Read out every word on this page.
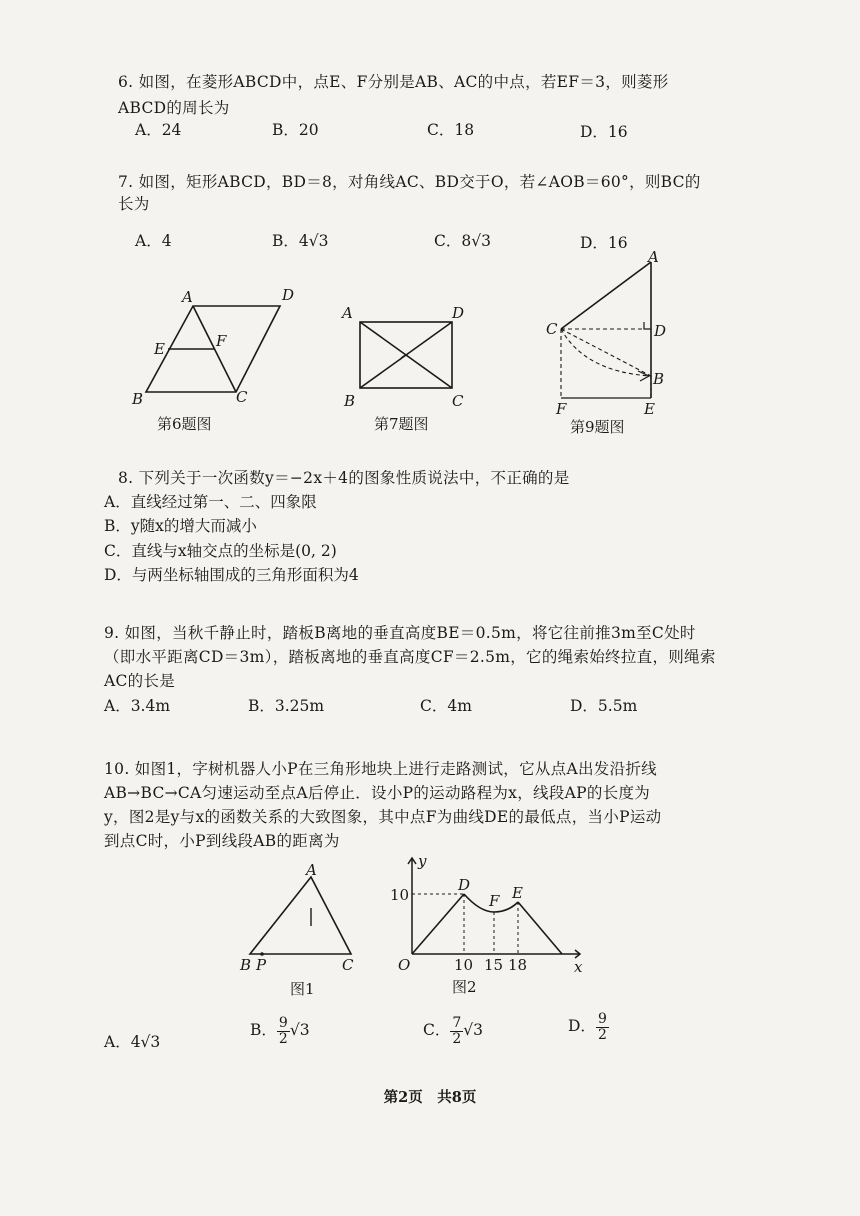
6. 如图，在菱形ABCD中，点E、F分别是AB、AC的中点，若EF＝3，则菱形
ABCD的周长为
A．24	B．20	C．18	D．16
7. 如图，矩形ABCD，BD＝8，对角线AC、BD交于O，若∠AOB＝60°，则BC的
长为
A．4	B．4√3	C．8√3	D．16
A	D
E	F
B	C
第6题图
A	D
B	C
第7题图
A
C	D
B
F	E
第9题图
8. 下列关于一次函数y＝−2x＋4的图象性质说法中，不正确的是
A．直线经过第一、二、四象限
B．y随x的增大而减小
C．直线与x轴交点的坐标是(0, 2)
D．与两坐标轴围成的三角形面积为4
9. 如图，当秋千静止时，踏板B离地的垂直高度BE＝0.5m，将它往前推3m至C处时
（即水平距离CD＝3m），踏板离地的垂直高度CF＝2.5m，它的绳索始终拉直，则绳索
AC的长是
A．3.4m	B．3.25m	C．4m	D．5.5m
10. 如图1，字树机器人小P在三角形地块上进行走路测试，它从点A出发沿折线
AB→BC→CA匀速运动至点A后停止．设小P的运动路程为x，线段AP的长度为
y，图2是y与x的函数关系的大致图象，其中点F为曲线DE的最低点，当小P运动
到点C时，小P到线段AB的距离为
A
B P	C
图1
y
x
O
10
10 15 18
D
F E
图2
A．4√3
B． $\frac{9}{2} √3$	C． $\frac{7}{2} √3$	D． $\frac{9}{2}$
第2页　共8页
